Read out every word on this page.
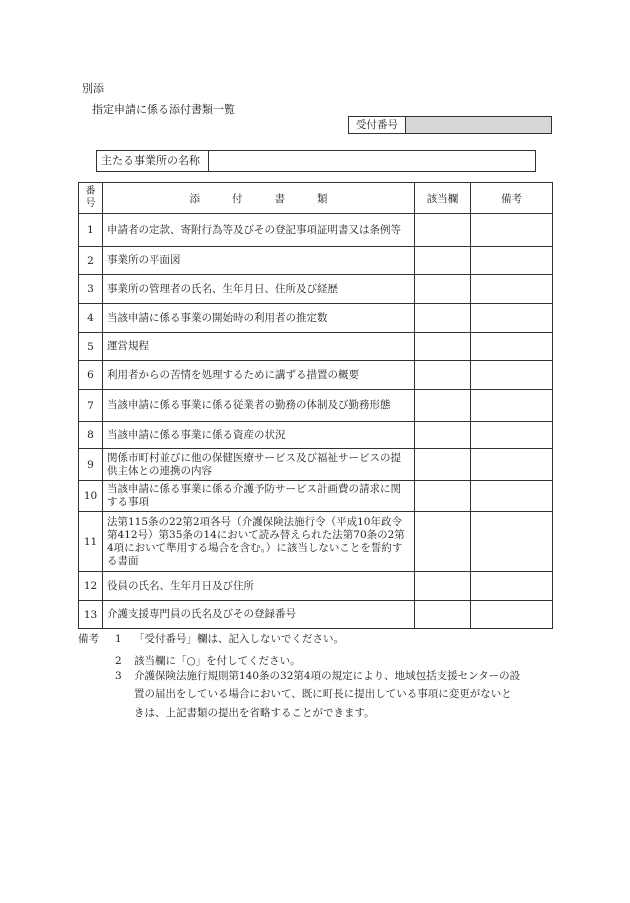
別添
指定申請に係る添付書類一覧
受付番号
主たる事業所の名称
番号	添付書類	該当欄	備考
1	申請者の定款、寄附行為等及びその登記事項証明書又は条例等		
2	事業所の平面図		
3	事業所の管理者の氏名、生年月日、住所及び経歴		
4	当該申請に係る事業の開始時の利用者の推定数		
5	運営規程		
6	利用者からの苦情を処理するために講ずる措置の概要		
7	当該申請に係る事業に係る従業者の勤務の体制及び勤務形態		
8	当該申請に係る事業に係る資産の状況		
9	関係市町村並びに他の保健医療サービス及び福祉サービスの提供主体との連携の内容		
10	当該申請に係る事業に係る介護予防サービス計画費の請求に関する事項		
11	法第115条の22第2項各号（介護保険法施行令（平成10年政令第412号）第35条の14において読み替えられた法第70条の2第4項において準用する場合を含む。）に該当しないことを誓約する書面		
12	役員の氏名、生年月日及び住所		
13	介護支援専門員の氏名及びその登録番号		
備考 1 「受付番号」欄は、記入しないでください。
2 該当欄に「○」を付してください。
3 介護保険法施行規則第140条の32第4項の規定により、地域包括支援センターの設
置の届出をしている場合において、既に町長に提出している事項に変更がないと
きは、上記書類の提出を省略することができます。
